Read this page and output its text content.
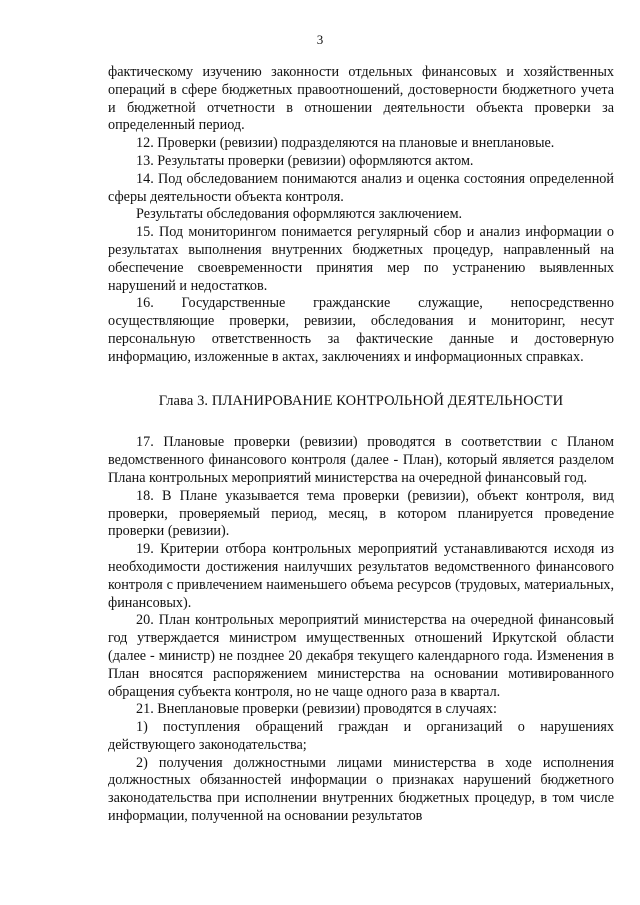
3

фактическому изучению законности отдельных финансовых и хозяйственных операций в сфере бюджетных правоотношений, достоверности бюджетного учета и бюджетной отчетности в отношении деятельности объекта проверки за определенный период.

12. Проверки (ревизии) подразделяются на плановые и внеплановые.

13. Результаты проверки (ревизии) оформляются актом.

14. Под обследованием понимаются анализ и оценка состояния определенной сферы деятельности объекта контроля.

Результаты обследования оформляются заключением.

15. Под мониторингом понимается регулярный сбор и анализ информации о результатах выполнения внутренних бюджетных процедур, направленный на обеспечение своевременности принятия мер по устранению выявленных нарушений и недостатков.

16. Государственные гражданские служащие, непосредственно осуществляющие проверки, ревизии, обследования и мониторинг, несут персональную ответственность за фактические данные и достоверную информацию, изложенные в актах, заключениях и информационных справках.

Глава 3. ПЛАНИРОВАНИЕ КОНТРОЛЬНОЙ ДЕЯТЕЛЬНОСТИ

17. Плановые проверки (ревизии) проводятся в соответствии с Планом ведомственного финансового контроля (далее - План), который является разделом Плана контрольных мероприятий министерства на очередной финансовый год.

18. В Плане указывается тема проверки (ревизии), объект контроля, вид проверки, проверяемый период, месяц, в котором планируется проведение проверки (ревизии).

19. Критерии отбора контрольных мероприятий устанавливаются исходя из необходимости достижения наилучших результатов ведомственного финансового контроля с привлечением наименьшего объема ресурсов (трудовых, материальных, финансовых).

20. План контрольных мероприятий министерства на очередной финансовый год утверждается министром имущественных отношений Иркутской области (далее - министр) не позднее 20 декабря текущего календарного года. Изменения в План вносятся распоряжением министерства на основании мотивированного обращения субъекта контроля, но не чаще одного раза в квартал.

21. Внеплановые проверки (ревизии) проводятся в случаях:

1) поступления обращений граждан и организаций о нарушениях действующего законодательства;

2) получения должностными лицами министерства в ходе исполнения должностных обязанностей информации о признаках нарушений бюджетного законодательства при исполнении внутренних бюджетных процедур, в том числе информации, полученной на основании результатов
